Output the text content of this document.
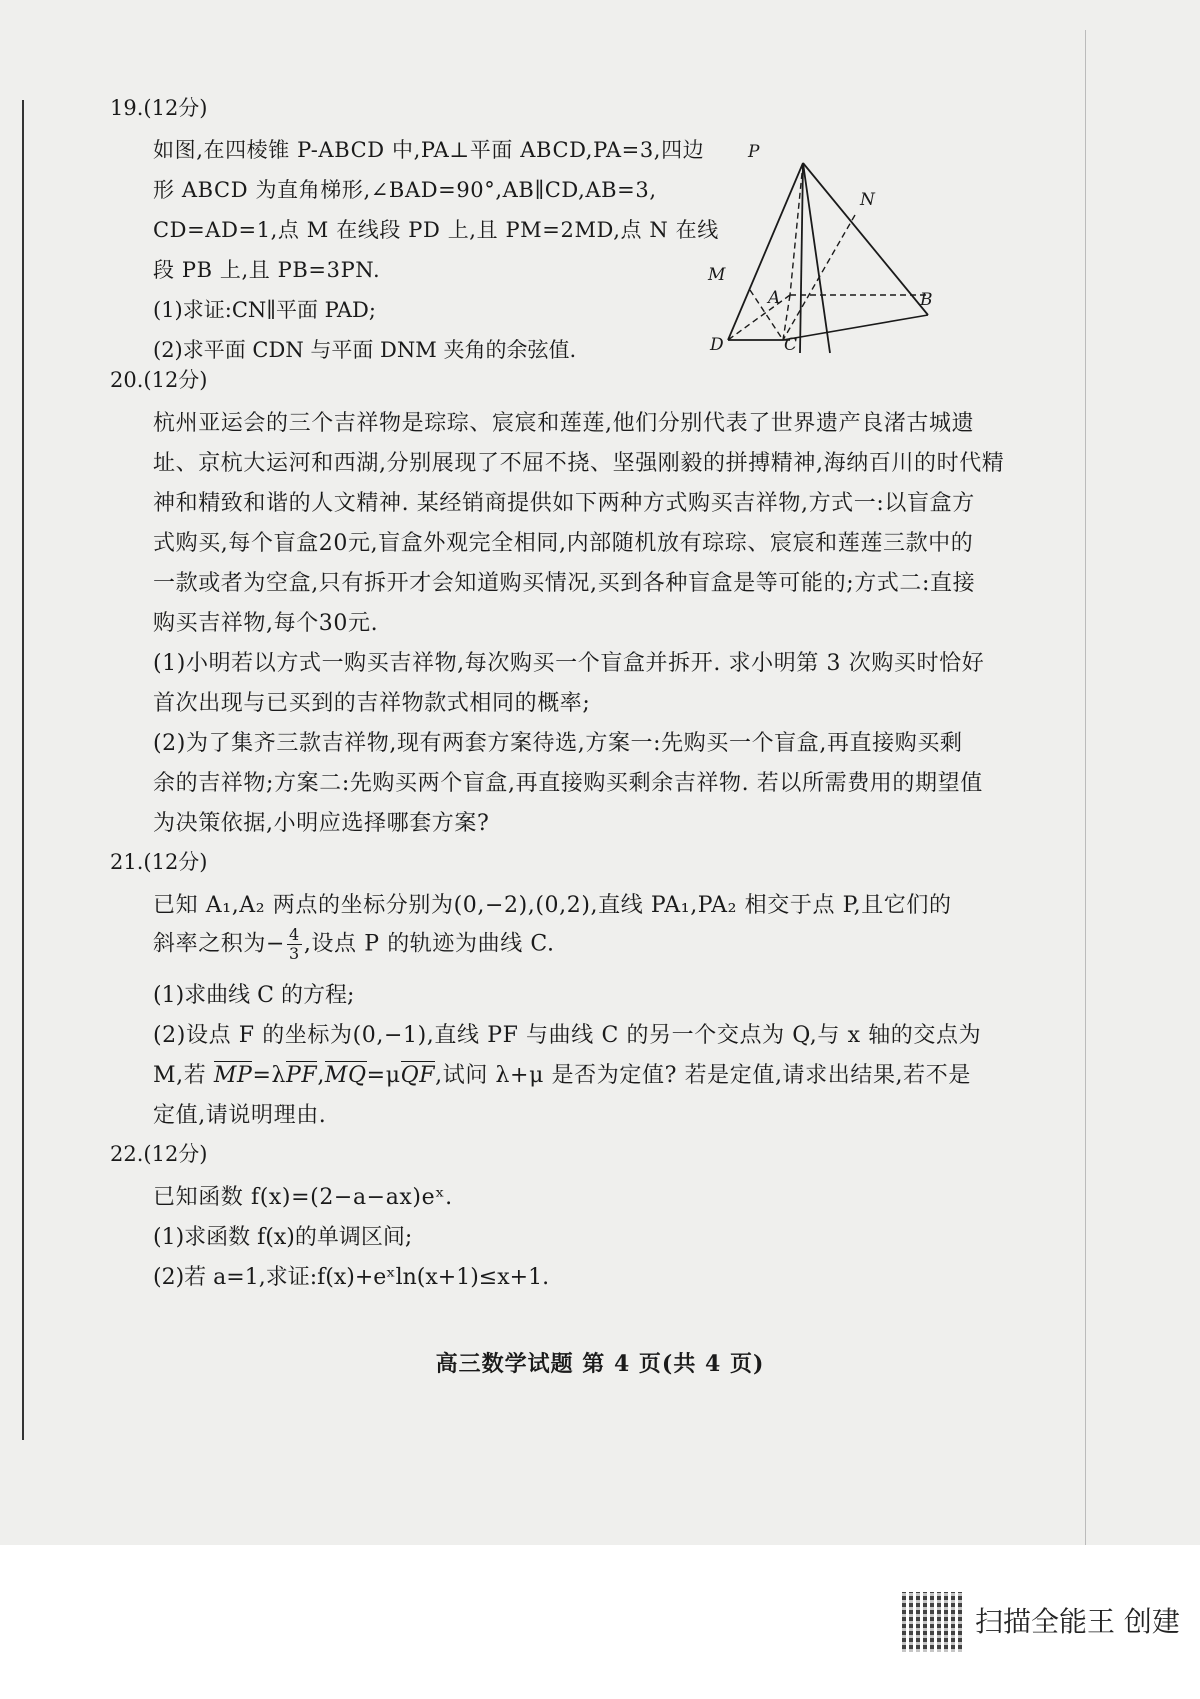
19.(12分)
如图,在四棱锥 P-ABCD 中,PA⊥平面 ABCD,PA=3,四边
形 ABCD 为直角梯形,∠BAD=90°,AB∥CD,AB=3,
CD=AD=1,点 M 在线段 PD 上,且 PM=2MD,点 N 在线
段 PB 上,且 PB=3PN.
(1)求证:CN∥平面 PAD;
(2)求平面 CDN 与平面 DNM 夹角的余弦值.
P
N
M
A	B
C
D
20.(12分)
杭州亚运会的三个吉祥物是琮琮、宸宸和莲莲,他们分别代表了世界遗产良渚古城遗
址、京杭大运河和西湖,分别展现了不屈不挠、坚强刚毅的拼搏精神,海纳百川的时代精
神和精致和谐的人文精神. 某经销商提供如下两种方式购买吉祥物,方式一:以盲盒方
式购买,每个盲盒20元,盲盒外观完全相同,内部随机放有琮琮、宸宸和莲莲三款中的
一款或者为空盒,只有拆开才会知道购买情况,买到各种盲盒是等可能的;方式二:直接
购买吉祥物,每个30元.
(1)小明若以方式一购买吉祥物,每次购买一个盲盒并拆开. 求小明第 3 次购买时恰好
首次出现与已买到的吉祥物款式相同的概率;
(2)为了集齐三款吉祥物,现有两套方案待选,方案一:先购买一个盲盒,再直接购买剩
余的吉祥物;方案二:先购买两个盲盒,再直接购买剩余吉祥物. 若以所需费用的期望值
为决策依据,小明应选择哪套方案?
21.(12分)
已知 A₁,A₂ 两点的坐标分别为(0,−2),(0,2),直线 PA₁,PA₂ 相交于点 P,且它们的
斜率之积为− $\frac{4}{3}$ ,设点 P 的轨迹为曲线 C.
(1)求曲线 C 的方程;
(2)设点 F 的坐标为(0,−1),直线 PF 与曲线 C 的另一个交点为 Q,与 x 轴的交点为
M,若 MP=λPF,MQ=μQF,试问 λ+μ 是否为定值? 若是定值,请求出结果,若不是
定值,请说明理由.
22.(12分)
已知函数 f(x)=(2−a−ax)eˣ.
(1)求函数 f(x)的单调区间;
(2)若 a=1,求证:f(x)+eˣln(x+1)≤x+1.
高三数学试题 第 4 页(共 4 页)
扫描全能王 创建
